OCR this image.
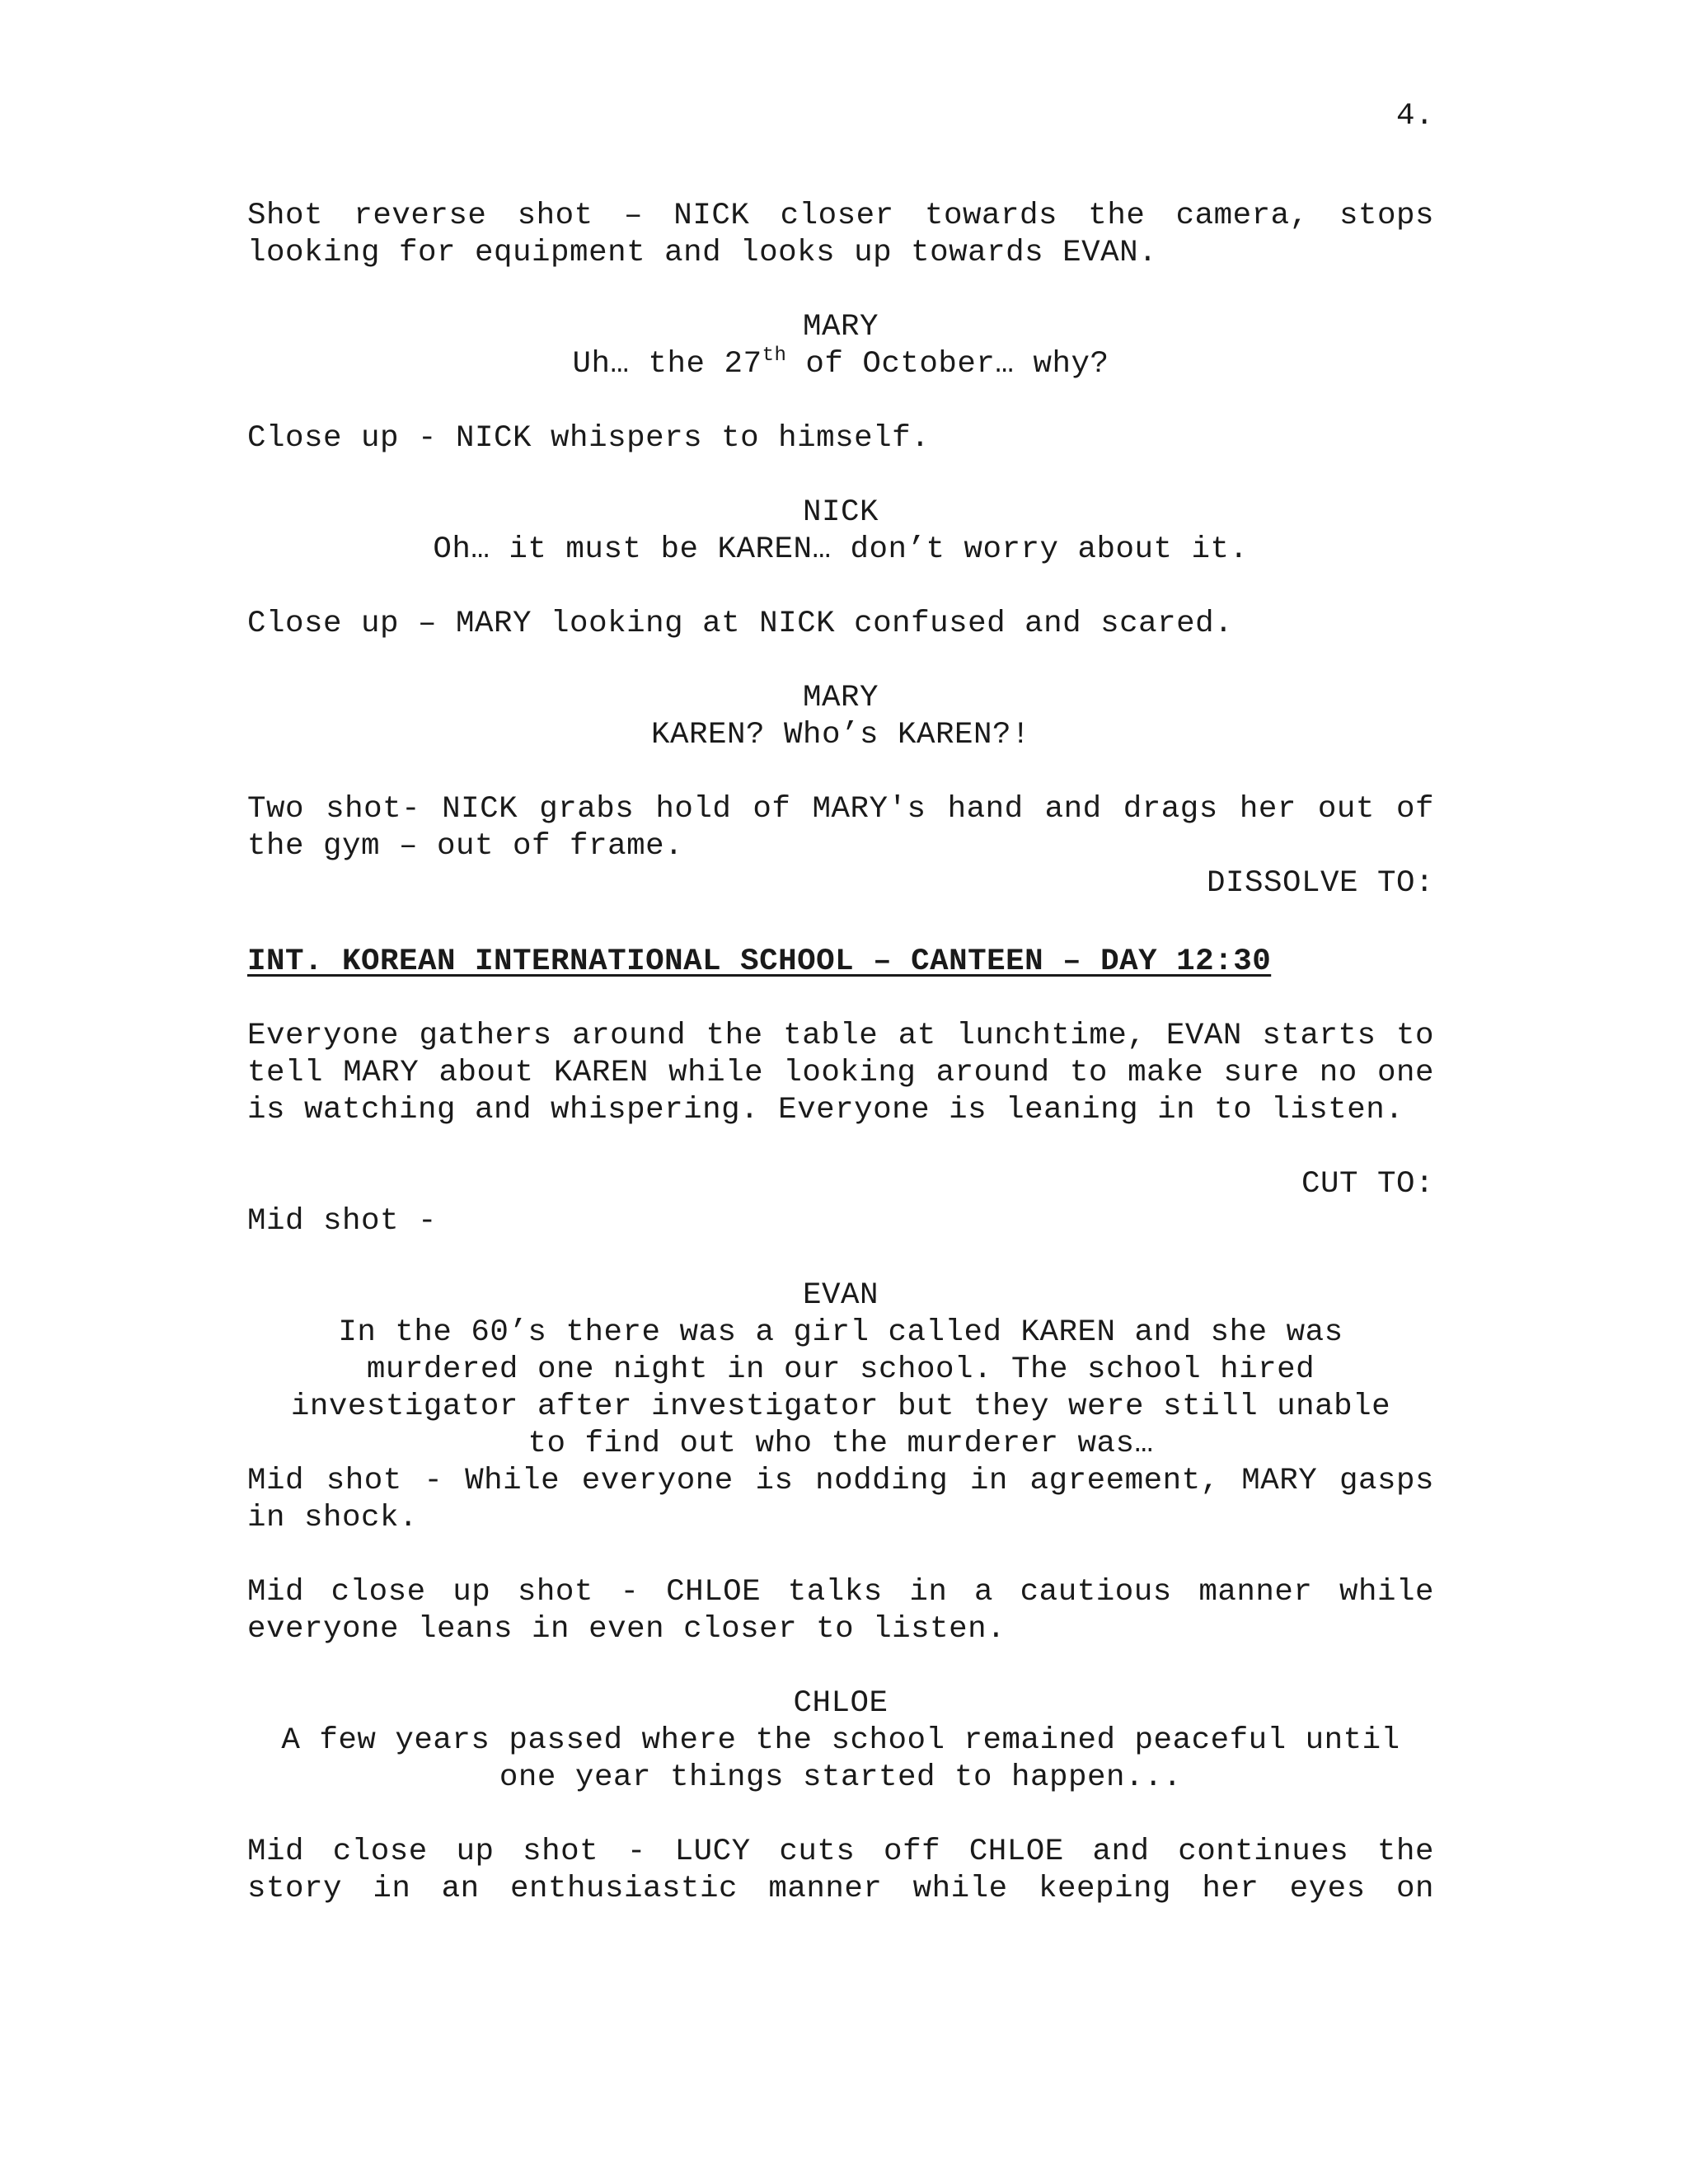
4.

Shot reverse shot – NICK closer towards the camera, stops looking for equipment and looks up towards EVAN.

MARY
Uh… the 27th of October… why?

Close up - NICK whispers to himself.

NICK
Oh… it must be KAREN… don’t worry about it.

Close up – MARY looking at NICK confused and scared.

MARY
KAREN? Who’s KAREN?!

Two shot- NICK grabs hold of MARY's hand and drags her out of the gym – out of frame.

DISSOLVE TO:
INT. KOREAN INTERNATIONAL SCHOOL – CANTEEN – DAY 12:30

Everyone gathers around the table at lunchtime, EVAN starts to tell MARY about KAREN while looking around to make sure no one is watching and whispering. Everyone is leaning in to listen.

CUT TO:

Mid shot -

EVAN
In the 60’s there was a girl called KAREN and she was
murdered one night in our school. The school hired
investigator after investigator but they were still unable
to find out who the murderer was…

Mid shot - While everyone is nodding in agreement, MARY gasps in shock.

Mid close up shot - CHLOE talks in a cautious manner while everyone leans in even closer to listen.

CHLOE
A few years passed where the school remained peaceful until
one year things started to happen...

Mid close up shot - LUCY cuts off CHLOE and continues the story in an enthusiastic manner while keeping her eyes on
